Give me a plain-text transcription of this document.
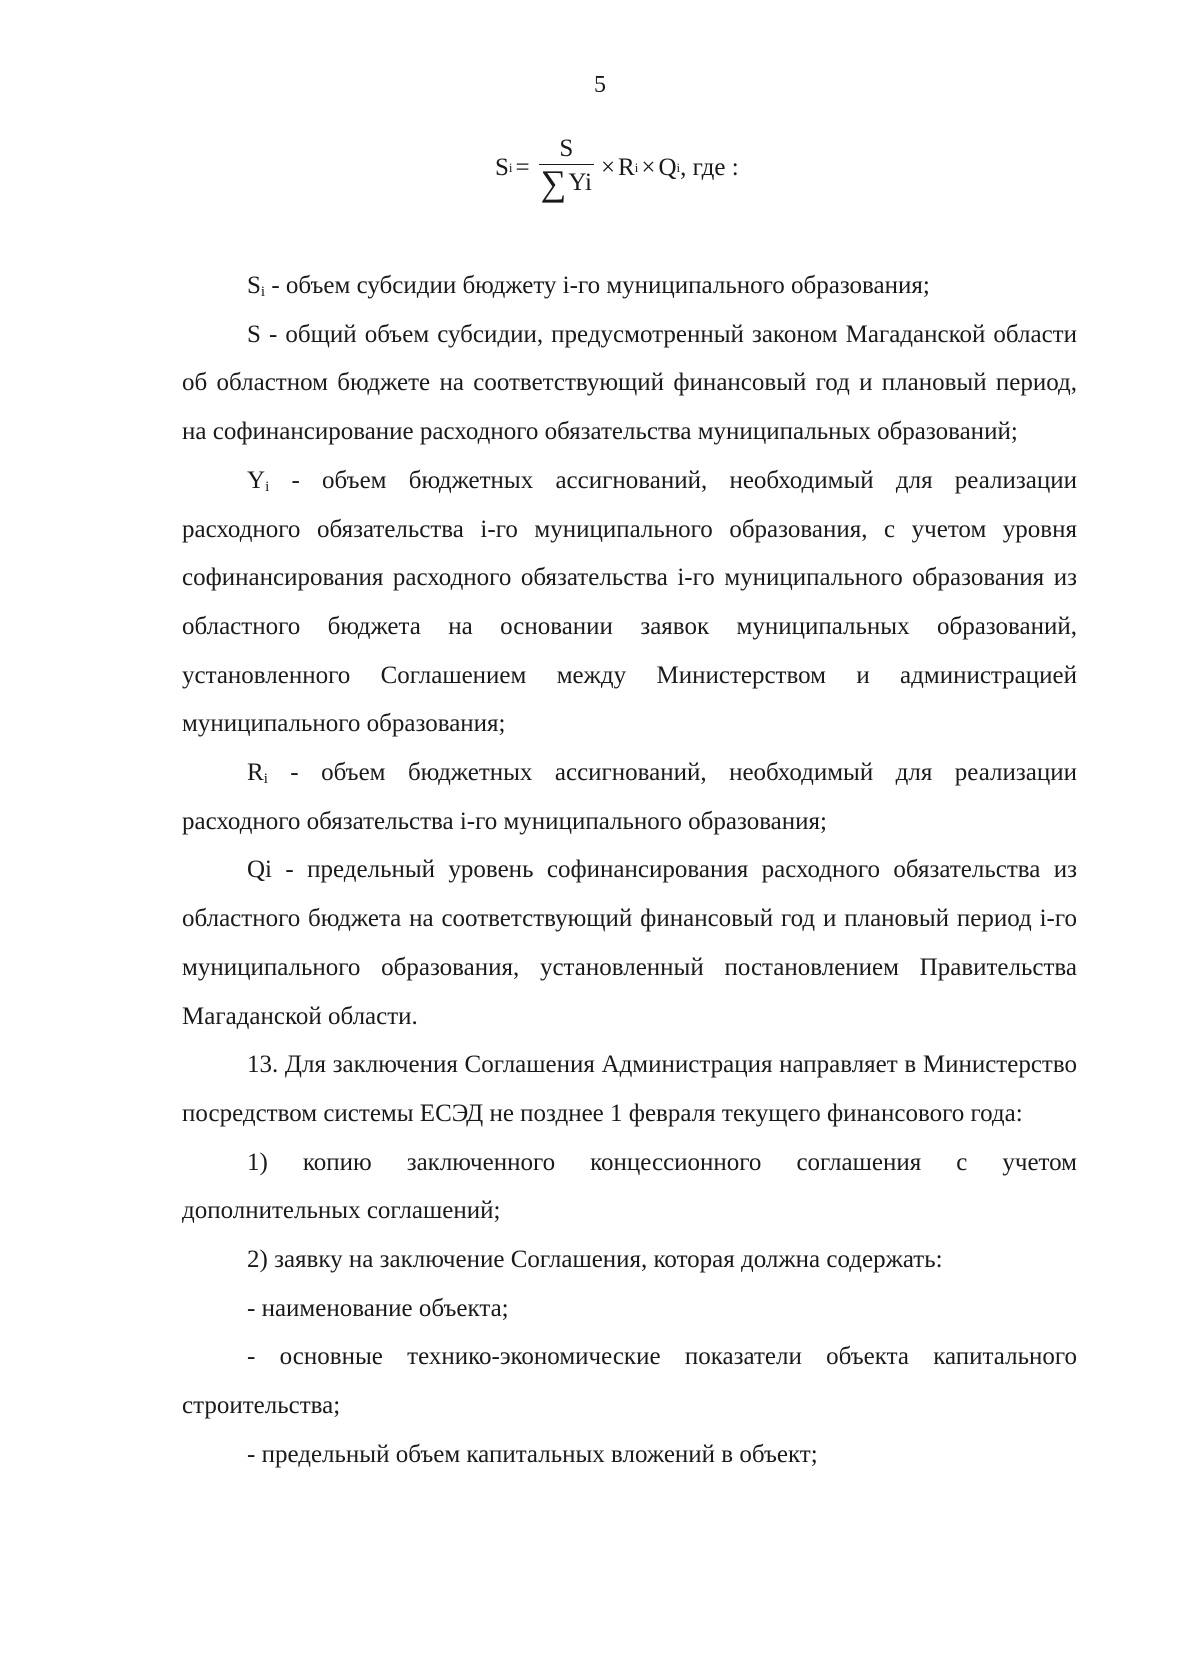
5
S $i = \frac{S}{\sum Yi} \times R$ i × Q i , где :

$S_i$ - объем субсидии бюджету i-го муниципального образования;

S - общий объем субсидии, предусмотренный законом Магаданской области об областном бюджете на соответствующий финансовый год и плановый период, на софинансирование расходного обязательства муниципальных образований;

$Y_i$ - объем бюджетных ассигнований, необходимый для реализации расходного обязательства i-го муниципального образования, с учетом уровня софинансирования расходного обязательства i-го муниципального образования из областного бюджета на основании заявок муниципальных образований, установленного Соглашением между Министерством и администрацией муниципального образования;

$R_i$ - объем бюджетных ассигнований, необходимый для реализации расходного обязательства i-го муниципального образования;

Qi - предельный уровень софинансирования расходного обязательства из областного бюджета на соответствующий финансовый год и плановый период i-го муниципального образования, установленный постановлением Правительства Магаданской области.

13. Для заключения Соглашения Администрация направляет в Министерство посредством системы ЕСЭД не позднее 1 февраля текущего финансового года:

1) копию заключенного концессионного соглашения с учетом дополнительных соглашений;

2) заявку на заключение Соглашения, которая должна содержать:

- наименование объекта;

- основные технико-экономические показатели объекта капитального строительства;

- предельный объем капитальных вложений в объект;
